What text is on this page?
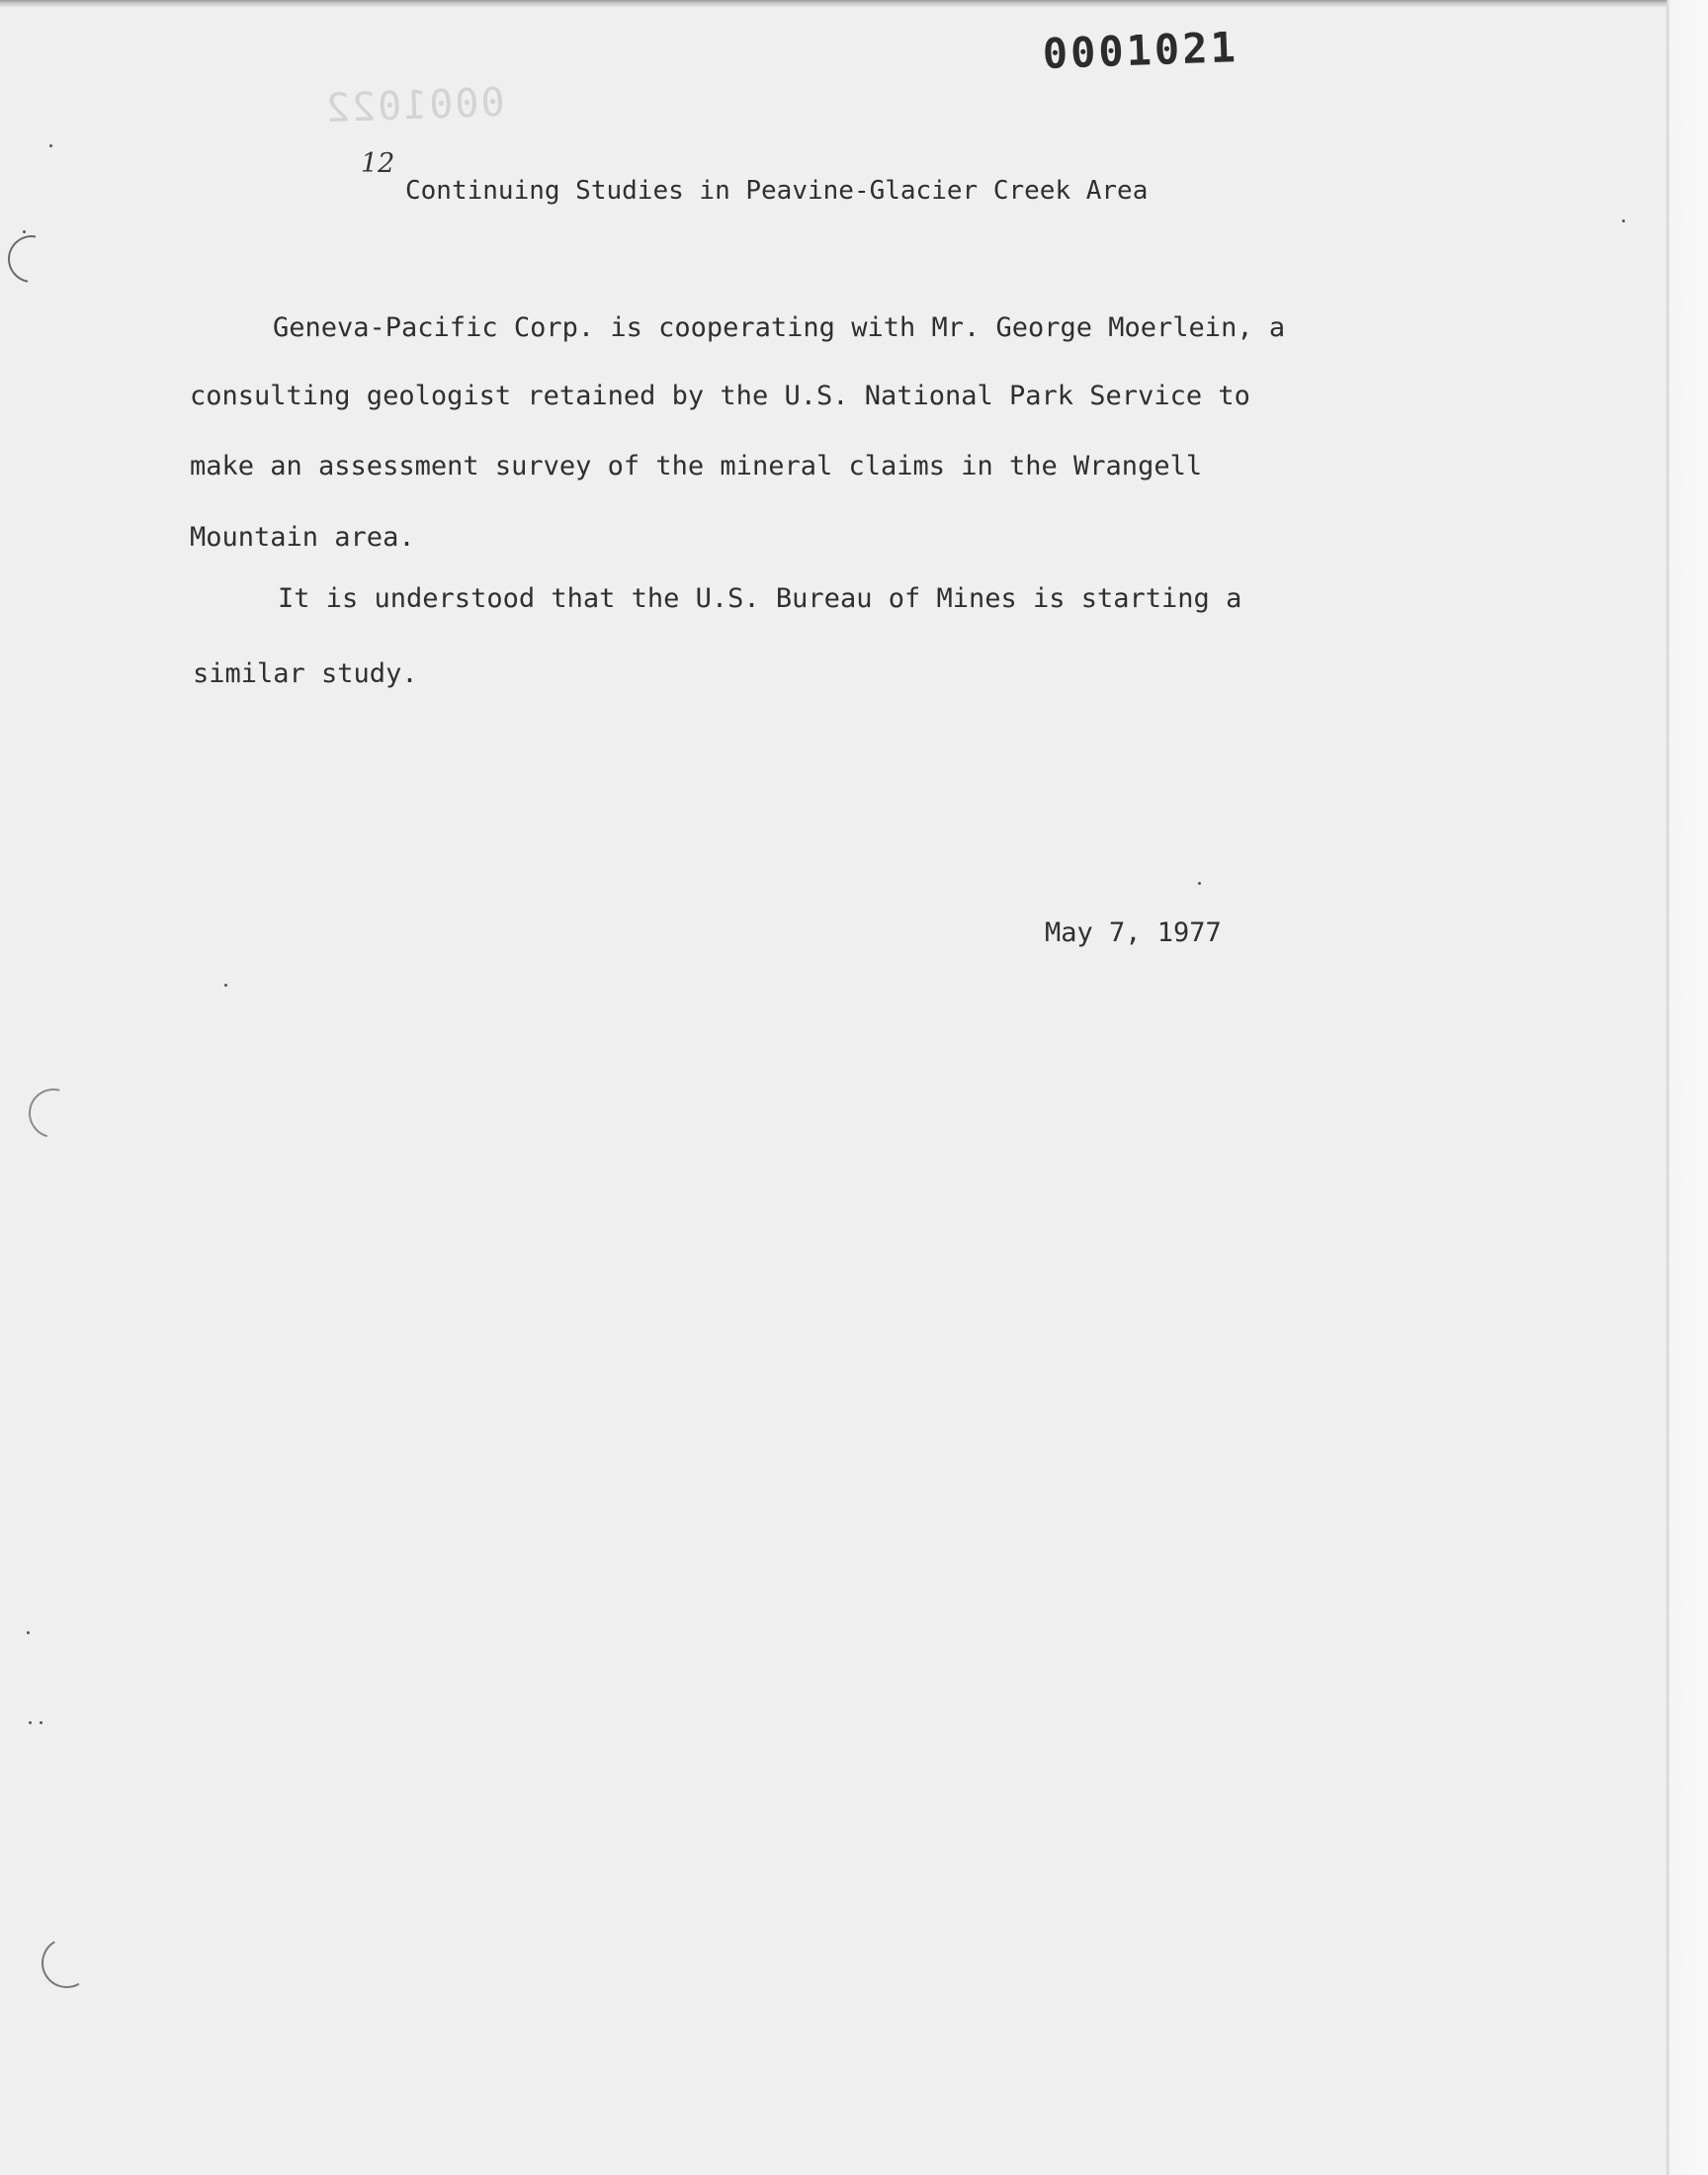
0001022
0001021
12
Continuing Studies in Peavine-Glacier Creek Area
Geneva-Pacific Corp. is cooperating with Mr. George Moerlein, a
consulting geologist retained by the U.S. National Park Service to
make an assessment survey of the mineral claims in the Wrangell
Mountain area.
It is understood that the U.S. Bureau of Mines is starting a
similar study.
May 7, 1977
